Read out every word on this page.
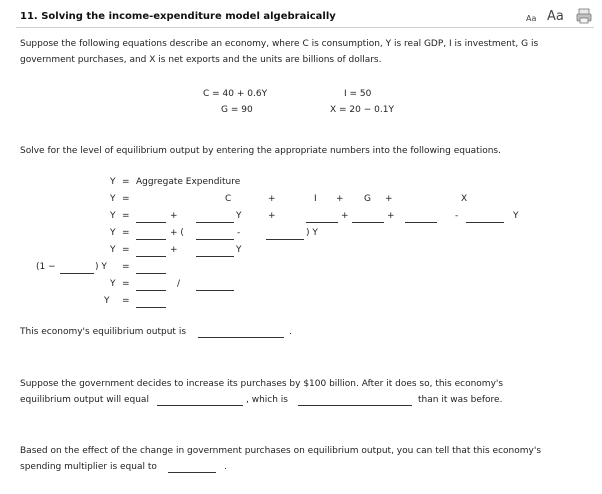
11. Solving the income-expenditure model algebraically	Aa Aa
Suppose the following equations describe an economy, where C is consumption, Y is real GDP, I is investment, G is
government purchases, and X is net exports and the units are billions of dollars.
C = 40 + 0.6Y	I = 50
G = 90	X = 20 − 0.1Y
Solve for the level of equilibrium output by entering the appropriate numbers into the following equations.
Y = Aggregate Expenditure
Y =	C	+	I + G +	X
Y =	+	Y	+	+	+	-	Y
Y =	+ (	-	) Y
Y =	+	Y
(1 −	) Y =
Y =	/
Y =
This economy's equilibrium output is	.
Suppose the government decides to increase its purchases by $100 billion. After it does so, this economy's
equilibrium output will equal	, which is	than it was before.
Based on the effect of the change in government purchases on equilibrium output, you can tell that this economy's
spending multiplier is equal to	.
